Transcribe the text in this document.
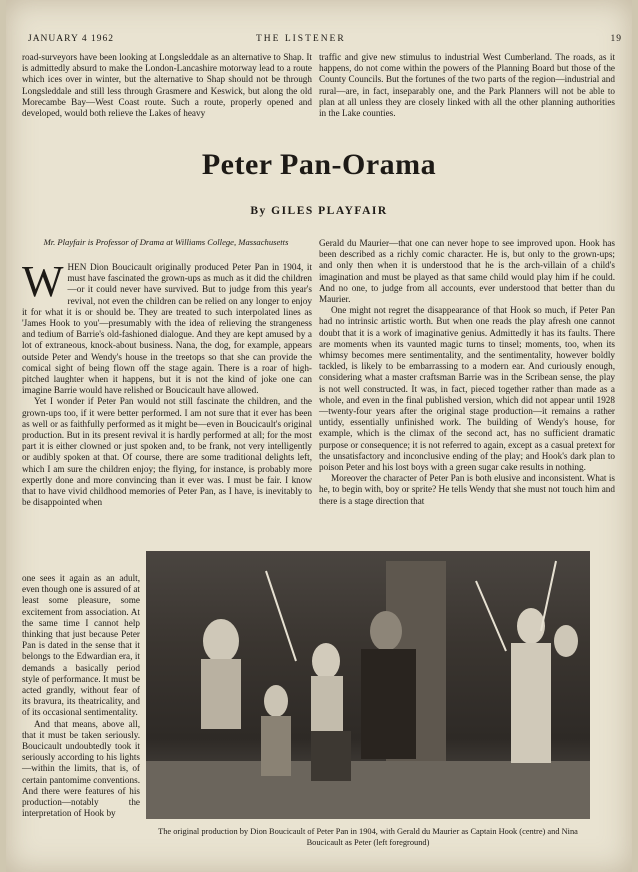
JANUARY 4 1962	THE LISTENER	19

road-surveyors have been looking at Longsleddale as an alternative to Shap. It is admittedly absurd to make the London-Lancashire motorway lead to a route which ices over in winter, but the alternative to Shap should not be through Longsleddale and still less through Grasmere and Keswick, but along the old Morecambe Bay—West Coast route. Such a route, properly opened and developed, would both relieve the Lakes of heavy

traffic and give new stimulus to industrial West Cumberland. The roads, as it happens, do not come within the powers of the Planning Board but those of the County Councils. But the fortunes of the two parts of the region—industrial and rural—are, in fact, inseparably one, and the Park Planners will not be able to plan at all unless they are closely linked with all the other planning authorities in the Lake counties.

Peter Pan-Orama
By GILES PLAYFAIR
Mr. Playfair is Professor of Drama at Williams College, Massachusetts

WHEN Dion Boucicault originally produced Peter Pan in 1904, it must have fascinated the grown-ups as much as it did the children—or it could never have survived. But to judge from this year's revival, not even the children can be relied on any longer to enjoy it for what it is or should be. They are treated to such interpolated lines as 'James Hook to you'—presumably with the idea of relieving the strangeness and tedium of Barrie's old-fashioned dialogue. And they are kept amused by a lot of extraneous, knock-about business. Nana, the dog, for example, appears outside Peter and Wendy's house in the treetops so that she can provide the comical sight of being flown off the stage again. There is a roar of high-pitched laughter when it happens, but it is not the kind of joke one can imagine Barrie would have relished or Boucicault have allowed.

Yet I wonder if Peter Pan would not still fascinate the children, and the grown-ups too, if it were better performed. I am not sure that it ever has been as well or as faithfully performed as it might be—even in Boucicault's original production. But in its present revival it is hardly performed at all; for the most part it is either clowned or just spoken and, to be frank, not very intelligently or audibly spoken at that. Of course, there are some traditional delights left, which I am sure the children enjoy; the flying, for instance, is probably more expertly done and more convincing than it ever was. I must be fair. I know that to have vivid childhood memories of Peter Pan, as I have, is inevitably to be disappointed when

one sees it again as an adult, even though one is assured of at least some pleasure, some excitement from association. At the same time I cannot help thinking that just because Peter Pan is dated in the sense that it belongs to the Edwardian era, it demands a basically period style of performance. It must be acted grandly, without fear of its bravura, its theatricality, and of its occasional sentimentality.

And that means, above all, that it must be taken seriously. Boucicault undoubtedly took it seriously according to his lights—within the limits, that is, of certain pantomime conventions. And there were features of his production—notably the interpretation of Hook by

Gerald du Maurier—that one can never hope to see improved upon. Hook has been described as a richly comic character. He is, but only to the grown-ups; and only then when it is understood that he is the arch-villain of a child's imagination and must be played as that same child would play him if he could. And no one, to judge from all accounts, ever understood that better than du Maurier.

One might not regret the disappearance of that Hook so much, if Peter Pan had no intrinsic artistic worth. But when one reads the play afresh one cannot doubt that it is a work of imaginative genius. Admittedly it has its faults. There are moments when its vaunted magic turns to tinsel; moments, too, when its whimsy becomes mere sentimentality, and the sentimentality, however boldly tackled, is likely to be embarrassing to a modern ear. And curiously enough, considering what a master craftsman Barrie was in the Scribean sense, the play is not well constructed. It was, in fact, pieced together rather than made as a whole, and even in the final published version, which did not appear until 1928—twenty-four years after the original stage production—it remains a rather untidy, essentially unfinished work. The building of Wendy's house, for example, which is the climax of the second act, has no sufficient dramatic purpose or consequence; it is not referred to again, except as a casual pretext for the unsatisfactory and inconclusive ending of the play; and Hook's dark plan to poison Peter and his lost boys with a green sugar cake results in nothing.

Moreover the character of Peter Pan is both elusive and inconsistent. What is he, to begin with, boy or sprite? He tells Wendy that she must not touch him and there is a stage direction that

The original production by Dion Boucicault of Peter Pan in 1904, with Gerald du Maurier as Captain Hook (centre) and Nina Boucicault as Peter (left foreground)
